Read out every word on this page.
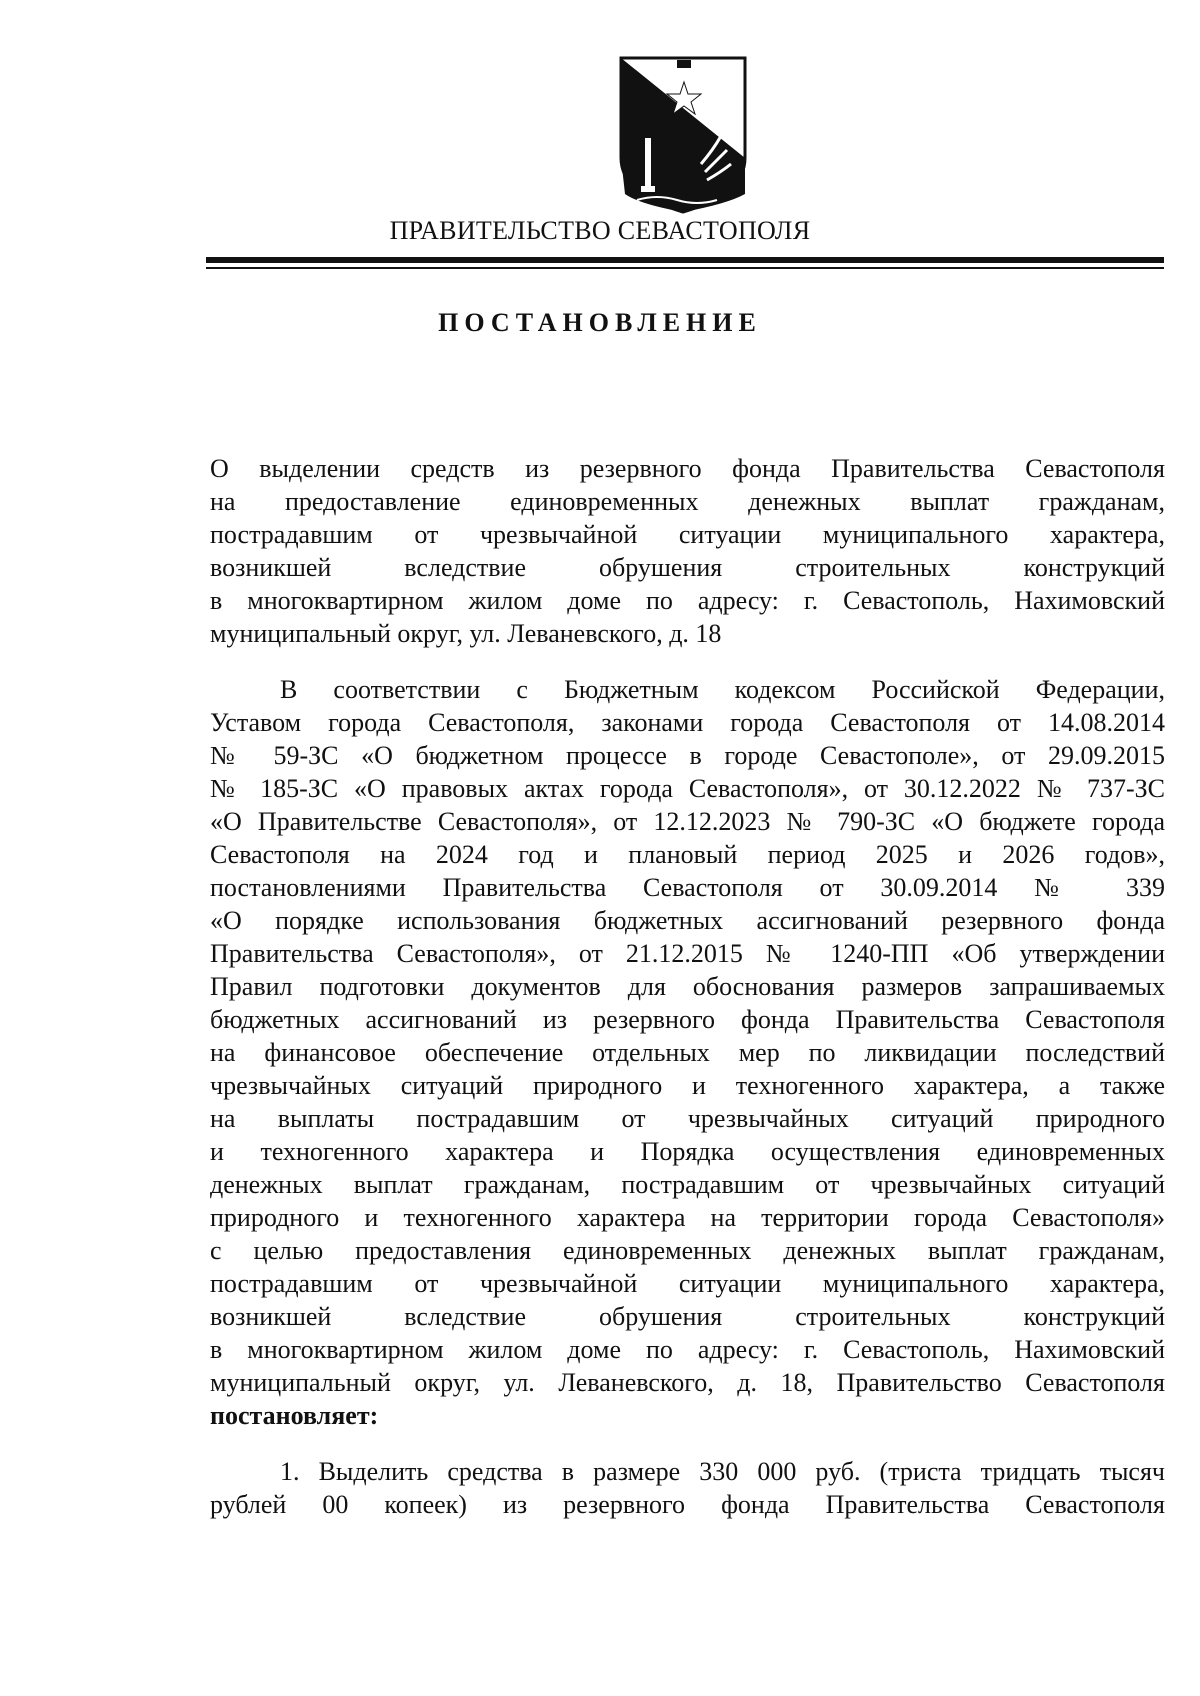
ПРАВИТЕЛЬСТВО СЕВАСТОПОЛЯ
ПОСТАНОВЛЕНИЕ
О выделении средств из резервного фонда Правительства Севастополя
на предоставление единовременных денежных выплат гражданам,
пострадавшим от чрезвычайной ситуации муниципального характера,
возникшей вследствие обрушения строительных конструкций
в многоквартирном жилом доме по адресу: г. Севастополь, Нахимовский
муниципальный округ, ул. Леваневского, д. 18
В соответствии с Бюджетным кодексом Российской Федерации,
Уставом города Севастополя, законами города Севастополя от 14.08.2014
№ 59-ЗС «О бюджетном процессе в городе Севастополе», от 29.09.2015
№ 185-ЗС «О правовых актах города Севастополя», от 30.12.2022 № 737-ЗС
«О Правительстве Севастополя», от 12.12.2023 № 790-ЗС «О бюджете города
Севастополя на 2024 год и плановый период 2025 и 2026 годов»,
постановлениями Правительства Севастополя от 30.09.2014 № 339
«О порядке использования бюджетных ассигнований резервного фонда
Правительства Севастополя», от 21.12.2015 № 1240-ПП «Об утверждении
Правил подготовки документов для обоснования размеров запрашиваемых
бюджетных ассигнований из резервного фонда Правительства Севастополя
на финансовое обеспечение отдельных мер по ликвидации последствий
чрезвычайных ситуаций природного и техногенного характера, а также
на выплаты пострадавшим от чрезвычайных ситуаций природного
и техногенного характера и Порядка осуществления единовременных
денежных выплат гражданам, пострадавшим от чрезвычайных ситуаций
природного и техногенного характера на территории города Севастополя»
с целью предоставления единовременных денежных выплат гражданам,
пострадавшим от чрезвычайной ситуации муниципального характера,
возникшей вследствие обрушения строительных конструкций
в многоквартирном жилом доме по адресу: г. Севастополь, Нахимовский
муниципальный округ, ул. Леваневского, д. 18, Правительство Севастополя
постановляет:
1. Выделить средства в размере 330 000 руб. (триста тридцать тысяч
рублей 00 копеек) из резервного фонда Правительства Севастополя
